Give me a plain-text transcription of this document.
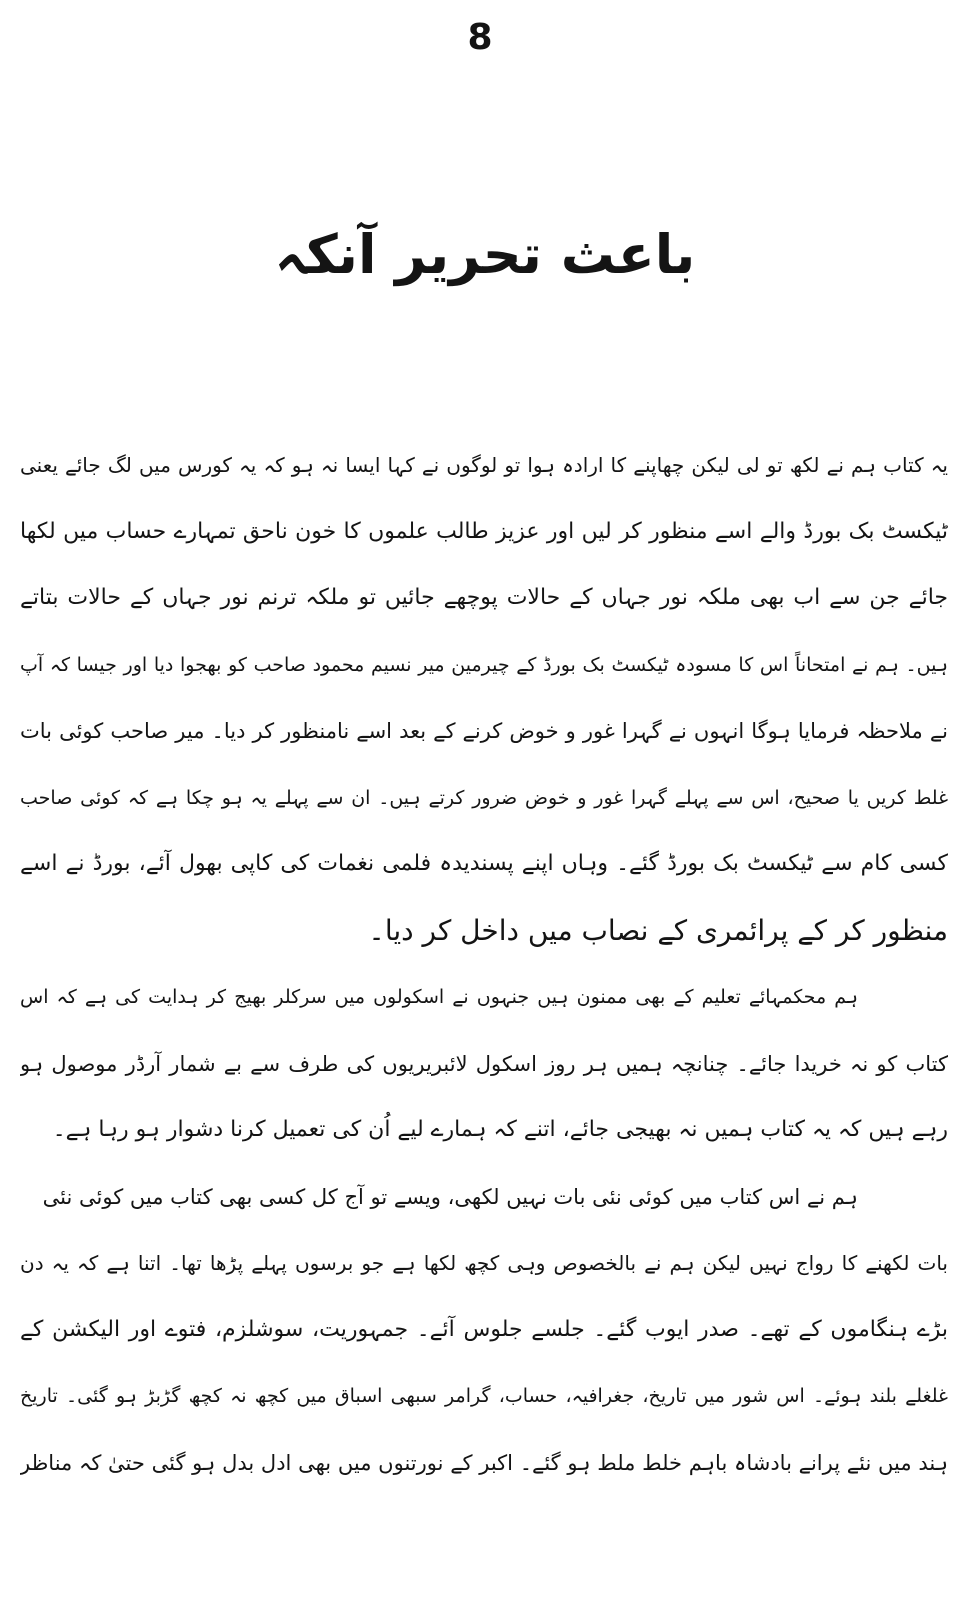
8
باعث تحریر آنکہ
یہ کتاب ہم نے لکھ تو لی لیکن چھاپنے کا ارادہ ہوا تو لوگوں نے کہا ایسا نہ ہو کہ یہ کورس میں لگ جائے یعنی
ٹیکسٹ بک بورڈ والے اسے منظور کر لیں اور عزیز طالب علموں کا خون ناحق تمہارے حساب میں لکھا
جائے جن سے اب بھی ملکہ نور جہاں کے حالات پوچھے جائیں تو ملکہ ترنم نور جہاں کے حالات بتاتے
ہیں۔ ہم نے امتحاناً اس کا مسودہ ٹیکسٹ بک بورڈ کے چیرمین میر نسیم محمود صاحب کو بھجوا دیا اور جیسا کہ آپ
نے ملاحظہ فرمایا ہوگا انہوں نے گہرا غور و خوض کرنے کے بعد اسے نامنظور کر دیا۔ میر صاحب کوئی بات
غلط کریں یا صحیح، اس سے پہلے گہرا غور و خوض ضرور کرتے ہیں۔ ان سے پہلے یہ ہو چکا ہے کہ کوئی صاحب
کسی کام سے ٹیکسٹ بک بورڈ گئے۔ وہاں اپنے پسندیدہ فلمی نغمات کی کاپی بھول آئے، بورڈ نے اسے
منظور کر کے پرائمری کے نصاب میں داخل کر دیا۔
ہم محکمہائے تعلیم کے بھی ممنون ہیں جنہوں نے اسکولوں میں سرکلر بھیج کر ہدایت کی ہے کہ اس
کتاب کو نہ خریدا جائے۔ چنانچہ ہمیں ہر روز اسکول لائبریریوں کی طرف سے بے شمار آرڈر موصول ہو
رہے ہیں کہ یہ کتاب ہمیں نہ بھیجی جائے، اتنے کہ ہمارے لیے اُن کی تعمیل کرنا دشوار ہو رہا ہے۔
ہم نے اس کتاب میں کوئی نئی بات نہیں لکھی، ویسے تو آج کل کسی بھی کتاب میں کوئی نئی
بات لکھنے کا رواج نہیں لیکن ہم نے بالخصوص وہی کچھ لکھا ہے جو برسوں پہلے پڑھا تھا۔ اتنا ہے کہ یہ دن
بڑے ہنگاموں کے تھے۔ صدر ایوب گئے۔ جلسے جلوس آئے۔ جمہوریت، سوشلزم، فتوے اور الیکشن کے
غلغلے بلند ہوئے۔ اس شور میں تاریخ، جغرافیہ، حساب، گرامر سبھی اسباق میں کچھ نہ کچھ گڑبڑ ہو گئی۔ تاریخ
ہند میں نئے پرانے بادشاہ باہم خلط ملط ہو گئے۔ اکبر کے نورتنوں میں بھی ادل بدل ہو گئی حتیٰ کہ مناظر
